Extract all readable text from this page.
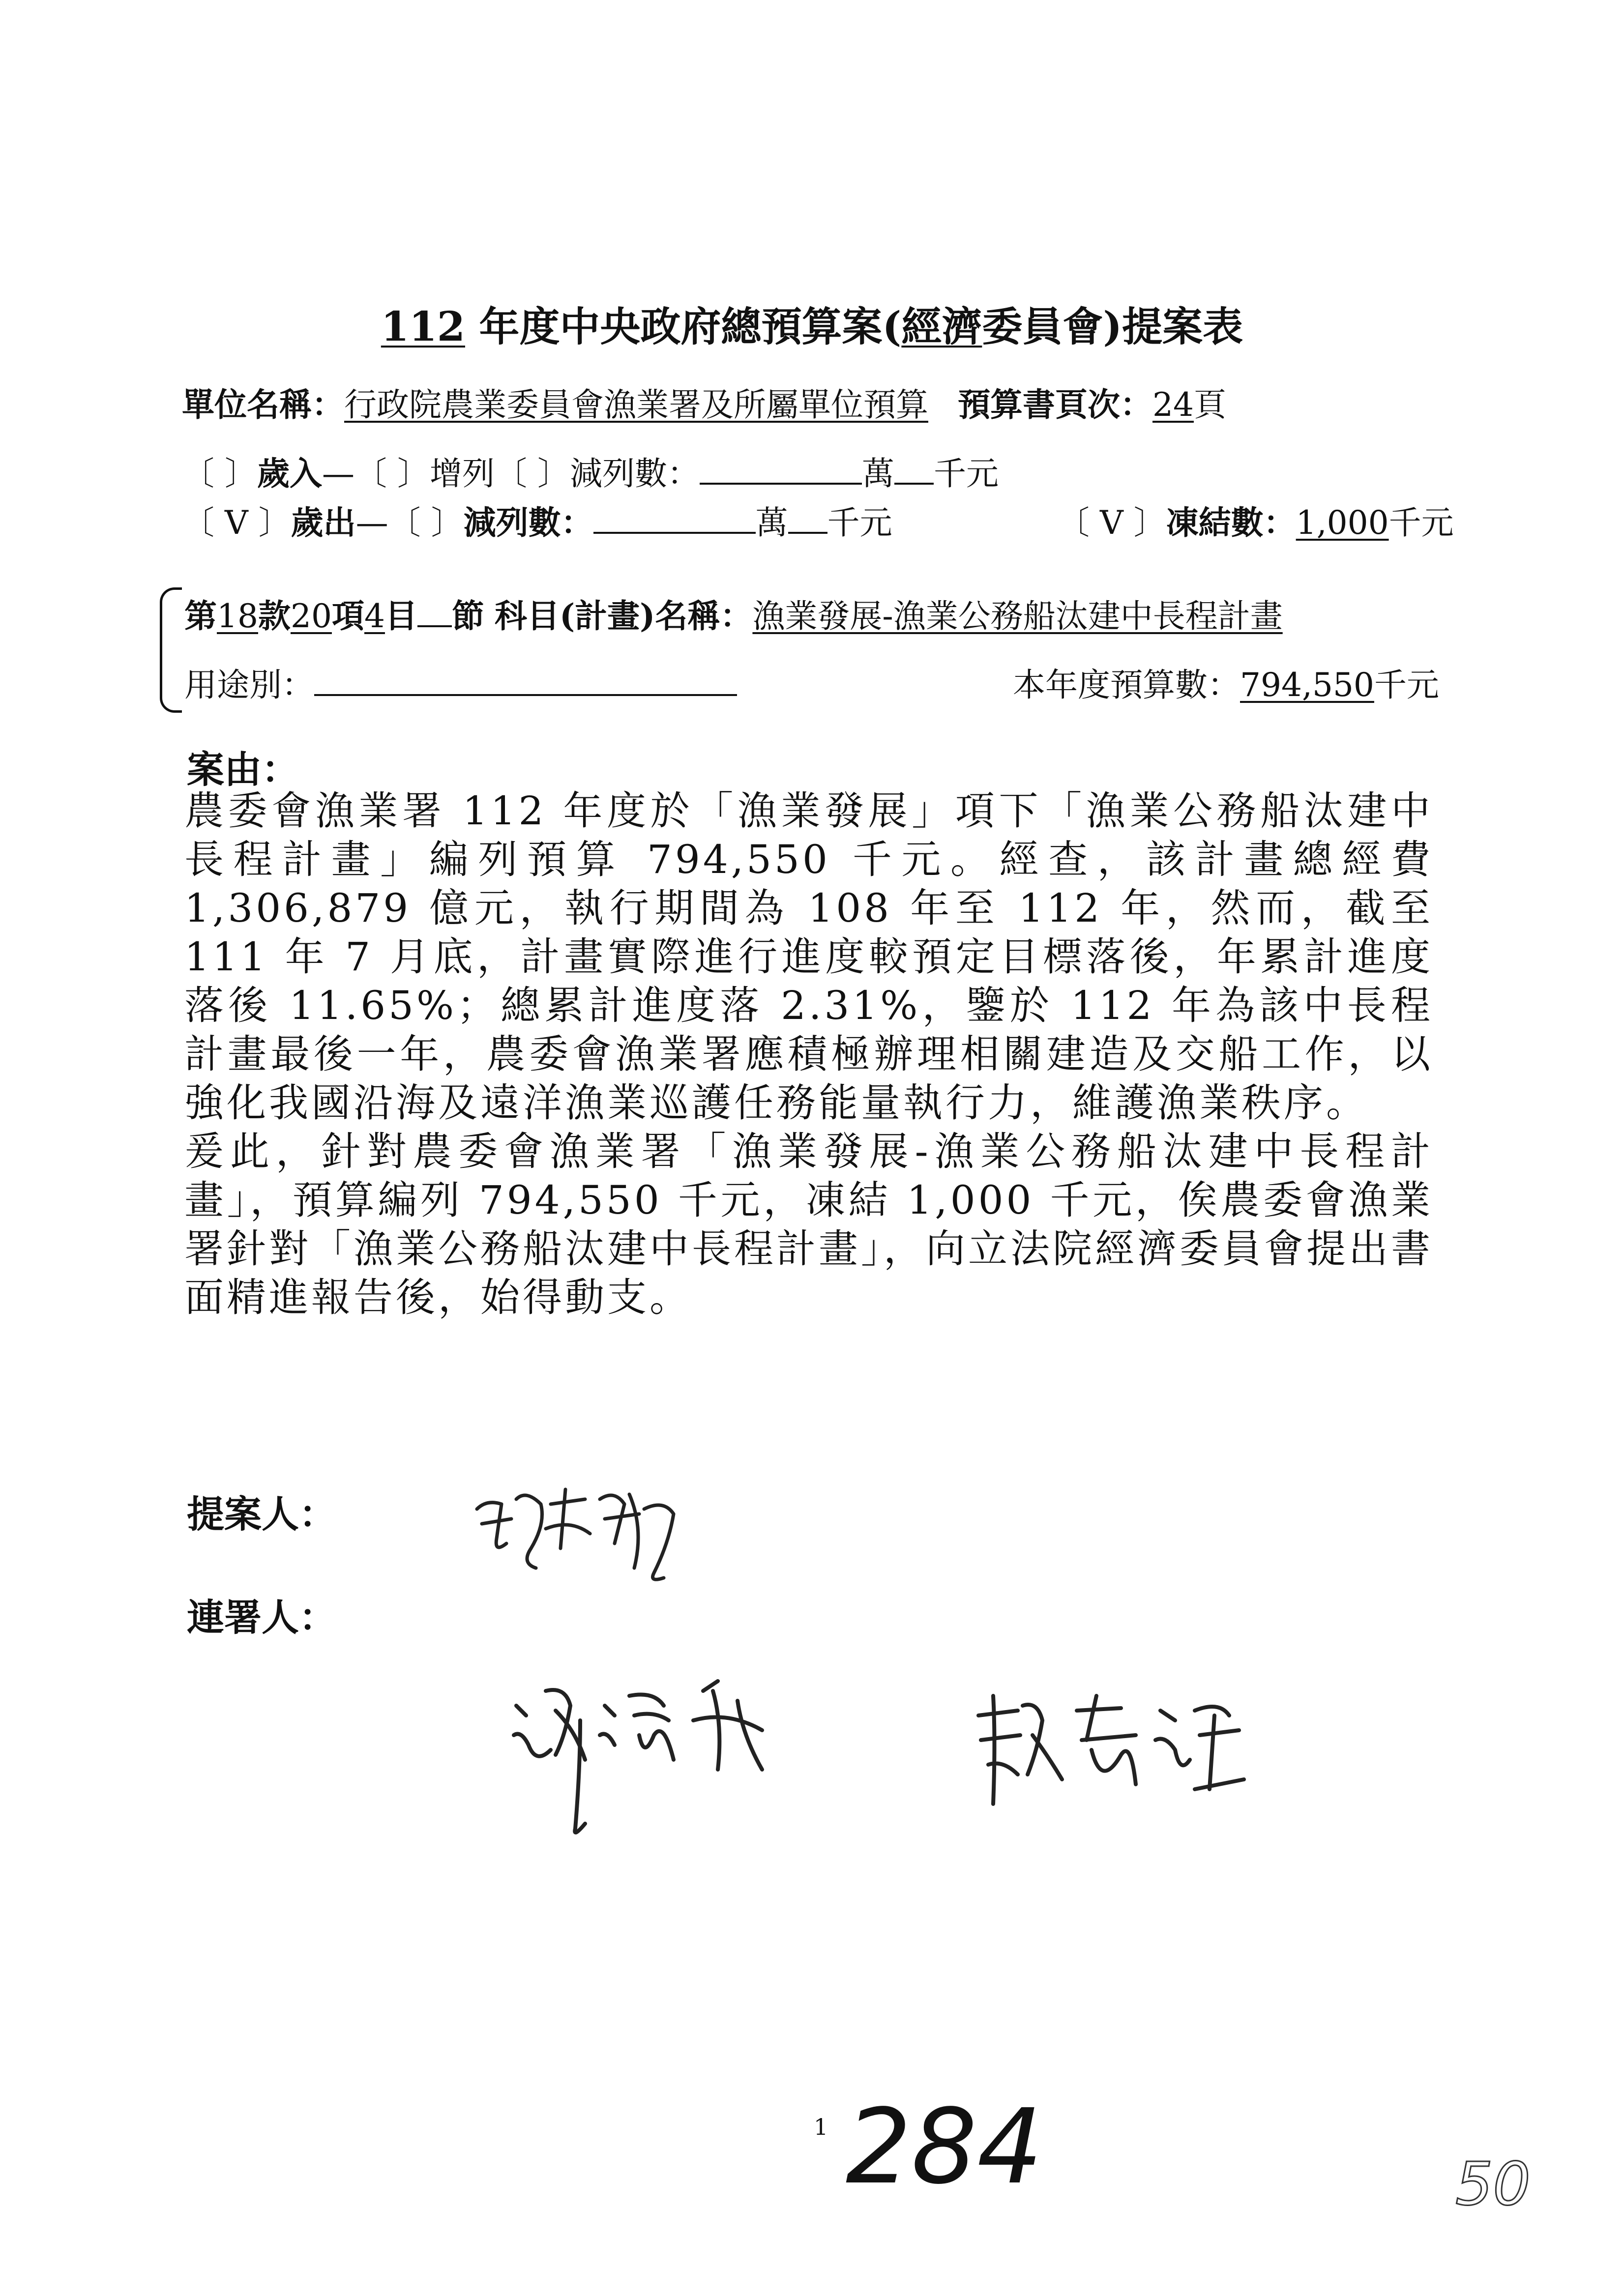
112 年度中央政府總預算案(經濟委員會)提案表
單位名稱：行政院農業委員會漁業署及所屬單位預算 預算書頁次：24頁
〔 〕歲入—〔 〕增列〔 〕減列數：	萬 千元
〔 V 〕歲出—〔 〕減列數：	萬 千元	〔 V 〕凍結數：1,000千元
第18款20項4目 節 科目(計畫)名稱：漁業發展-漁業公務船汰建中長程計畫
用途別：	本年度預算數：794,550千元
案由：

農委會漁業署 112 年度於「漁業發展」項下「漁業公務船汰建中長程計畫」編列預算 794,550 千元。經查，該計畫總經費 1,306,879 億元，執行期間為 108 年至 112 年，然而，截至 111 年 7 月底，計畫實際進行進度較預定目標落後，年累計進度落後 11.65%；總累計進度落 2.31%，鑒於 112 年為該中長程計畫最後一年，農委會漁業署應積極辦理相關建造及交船工作，以強化我國沿海及遠洋漁業巡護任務能量執行力，維護漁業秩序。

爰此，針對農委會漁業署「漁業發展-漁業公務船汰建中長程計畫」，預算編列 794,550 千元，凍結 1,000 千元，俟農委會漁業署針對「漁業公務船汰建中長程計畫」，向立法院經濟委員會提出書面精進報告後，始得動支。

提案人：
連署人：
1 284	50
